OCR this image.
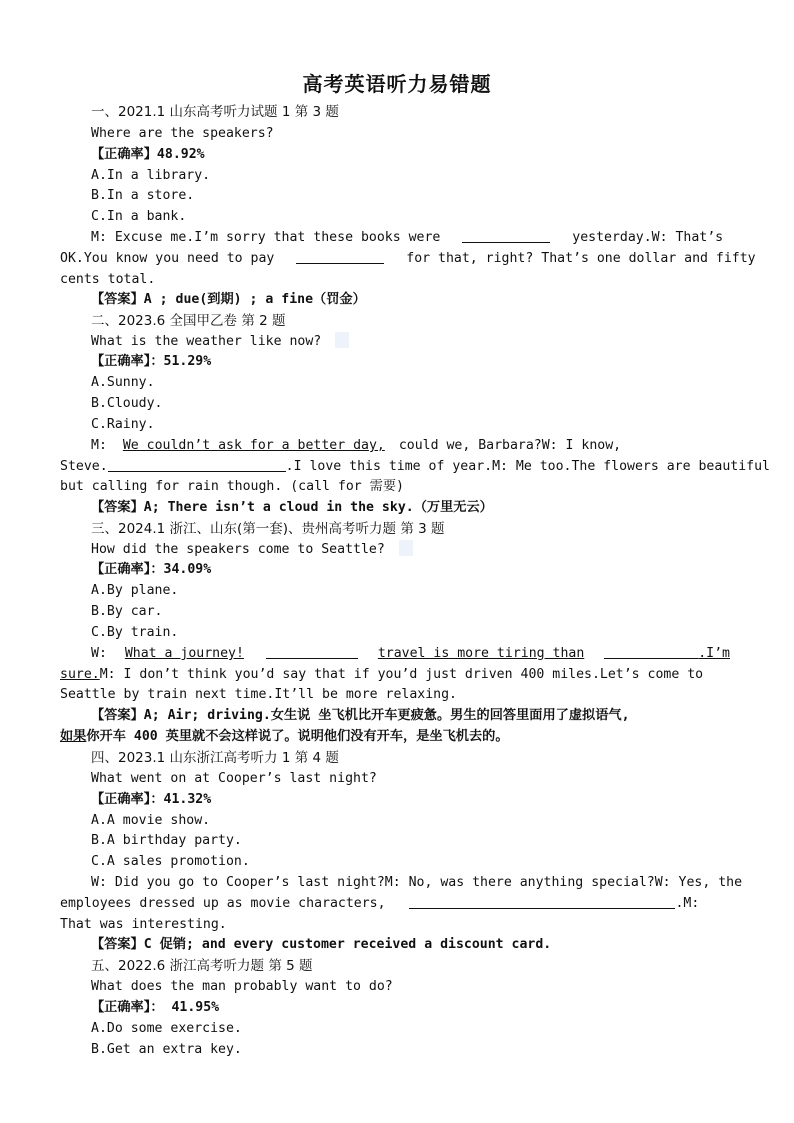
高考英语听力易错题
一、2021.1 山东高考听力试题 1 第 3 题
Where are the speakers?
【正确率】48.92%
A.In a library.
B.In a store.
C.In a bank.
M: Excuse me.I’m sorry that these books were	yesterday.W: That’s
OK.You know you need to pay	for that, right? That’s one dollar and fifty
cents total.
【答案】A ; due(到期) ; a fine（罚金）
二、2023.6 全国甲乙卷 第 2 题
What is the weather like now?
【正确率】：51.29%
A.Sunny.
B.Cloudy.
C.Rainy.
M: We couldn’t ask for a better day, could we, Barbara?W: I know,
Steve.	.I love this time of year.M: Me too.The flowers are beautiful
but calling for rain though. (call for 需要)
【答案】A; There isn’t a cloud in the sky.（万里无云）
三、2024.1 浙江、山东(第一套)、贵州高考听力题 第 3 题
How did the speakers come to Seattle?
【正确率】：34.09%
A.By plane.
B.By car.
C.By train.
W: What a journey!	travel is more tiring than	.I’m
sure.M: I don’t think you’d say that if you’d just driven 400 miles.Let’s come to
Seattle by train next time.It’ll be more relaxing.
【答案】A; Air; driving.女生说 坐飞机比开车更疲惫。男生的回答里面用了虚拟语气,
如果你开车 400 英里就不会这样说了。说明他们没有开车，是坐飞机去的。
四、2023.1 山东浙江高考听力 1 第 4 题
What went on at Cooper’s last night?
【正确率】：41.32%
A.A movie show.
B.A birthday party.
C.A sales promotion.
W: Did you go to Cooper’s last night?M: No, was there anything special?W: Yes, the
employees dressed up as movie characters,	.M:
That was interesting.
【答案】C 促销; and every customer received a discount card.
五、2022.6 浙江高考听力题 第 5 题
What does the man probably want to do?
【正确率】： 41.95%
A.Do some exercise.
B.Get an extra key.
